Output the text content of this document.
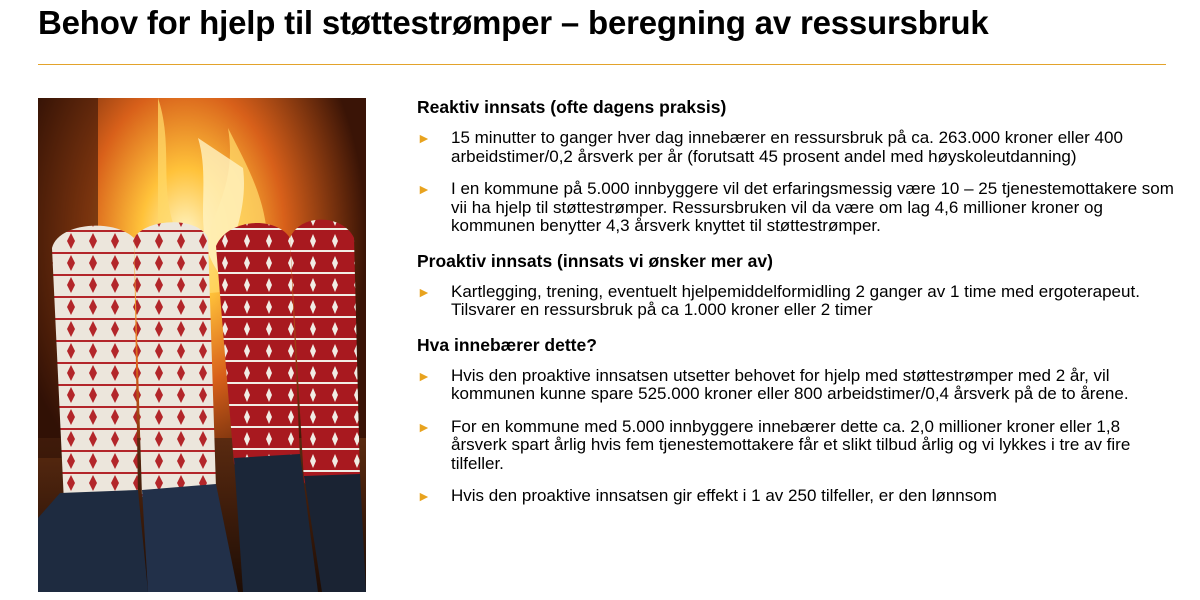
Behov for hjelp til støttestrømper – beregning av ressursbruk
Reaktiv innsats (ofte dagens praksis)
► 15 minutter to ganger hver dag innebærer en ressursbruk på ca. 263.000 kroner eller 400 arbeidstimer/0,2 årsverk per år (forutsatt 45 prosent andel med høyskoleutdanning)
► I en kommune på 5.000 innbyggere vil det erfaringsmessig være 10 – 25 tjenestemottakere som vii ha hjelp til støttestrømper. Ressursbruken vil da være om lag 4,6 millioner kroner og kommunen benytter 4,3 årsverk knyttet til støttestrømper.
Proaktiv innsats (innsats vi ønsker mer av)
► Kartlegging, trening, eventuelt hjelpemiddelformidling 2 ganger av 1 time med ergoterapeut. Tilsvarer en ressursbruk på ca 1.000 kroner eller 2 timer
Hva innebærer dette?
► Hvis den proaktive innsatsen utsetter behovet for hjelp med støttestrømper med 2 år, vil kommunen kunne spare 525.000 kroner eller 800 arbeidstimer/0,4 årsverk på de to årene.
► For en kommune med 5.000 innbyggere innebærer dette ca. 2,0 millioner kroner eller 1,8 årsverk spart årlig hvis fem tjenestemottakere får et slikt tilbud årlig og vi lykkes i tre av fire tilfeller.
► Hvis den proaktive innsatsen gir effekt i 1 av 250 tilfeller, er den lønnsom
